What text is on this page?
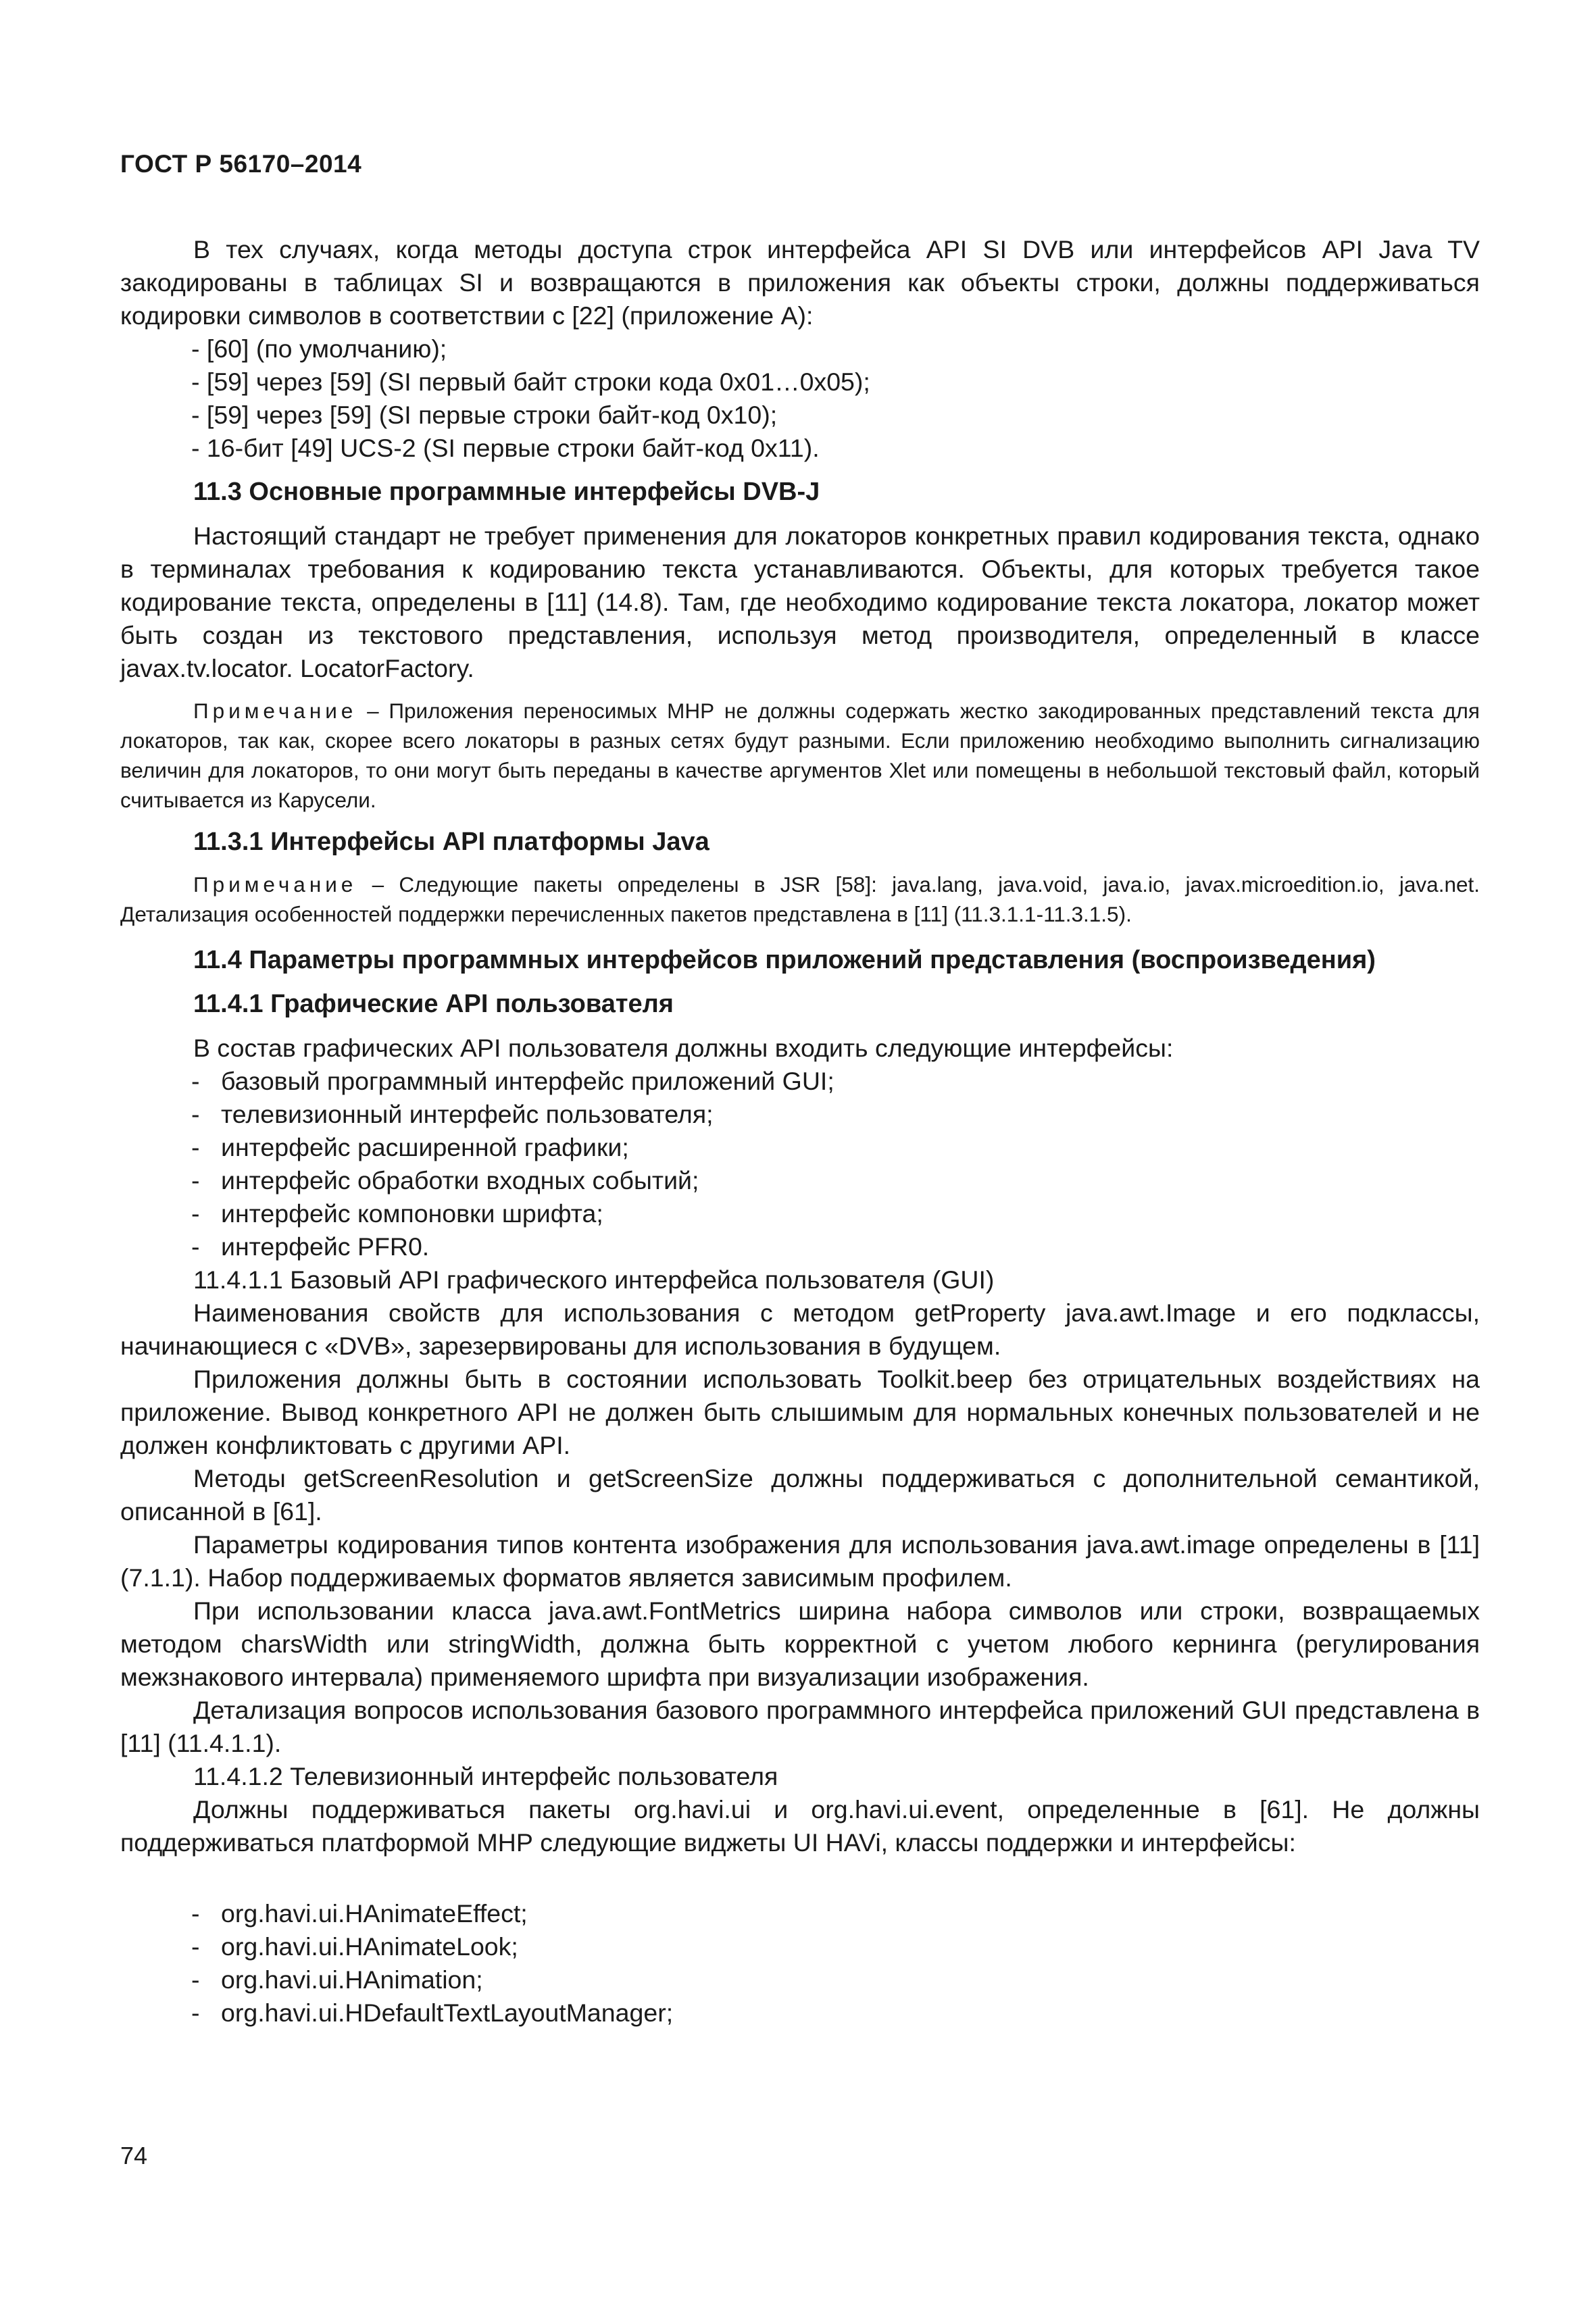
ГОСТ Р 56170–2014

В тех случаях, когда методы доступа строк интерфейса API SI DVB или интерфейсов API Java TV закодированы в таблицах SI и возвращаются в приложения как объекты строки, должны поддерживаться кодировки символов в соответствии с [22] (приложение А):

- [60] (по умолчанию);
- [59] через [59] (SI первый байт строки кода 0x01…0x05);
- [59] через [59] (SI первые строки байт-код 0x10);
- 16-бит [49] UCS-2 (SI первые строки байт-код 0x11).
11.3 Основные программные интерфейсы DVB-J

Настоящий стандарт не требует применения для локаторов конкретных правил кодирования текста, однако в терминалах требования к кодированию текста устанавливаются. Объекты, для которых требуется такое кодирование текста, определены в [11] (14.8). Там, где необходимо кодирование текста локатора, локатор может быть создан из текстового представления, используя метод производителя, определенный в классе javax.tv.locator. LocatorFactory.

Примечание – Приложения переносимых МНР не должны содержать жестко закодированных представлений текста для локаторов, так как, скорее всего локаторы в разных сетях будут разными. Если приложению необходимо выполнить сигнализацию величин для локаторов, то они могут быть переданы в качестве аргументов Xlet или помещены в небольшой текстовый файл, который считывается из Карусели.

11.3.1 Интерфейсы API платформы Java

Примечание – Следующие пакеты определены в JSR [58]: java.lang, java.void, java.io, javax.microedition.io, java.net. Детализация особенностей поддержки перечисленных пакетов представлена в [11] (11.3.1.1-11.3.1.5).

11.4 Параметры программных интерфейсов приложений представления (воспроизведения)
11.4.1 Графические API пользователя

В состав графических API пользователя должны входить следующие интерфейсы:

- базовый программный интерфейс приложений GUI;
- телевизионный интерфейс пользователя;
- интерфейс расширенной графики;
- интерфейс обработки входных событий;
- интерфейс компоновки шрифта;
- интерфейс PFR0.

11.4.1.1 Базовый API графического интерфейса пользователя (GUI)

Наименования свойств для использования с методом getProperty java.awt.Image и его подклассы, начинающиеся с «DVB», зарезервированы для использования в будущем.

Приложения должны быть в состоянии использовать Toolkit.beep без отрицательных воздействиях на приложение. Вывод конкретного API не должен быть слышимым для нормальных конечных пользователей и не должен конфликтовать с другими API.

Методы getScreenResolution и getScreenSize должны поддерживаться с дополнительной семантикой, описанной в [61].

Параметры кодирования типов контента изображения для использования java.awt.image определены в [11] (7.1.1). Набор поддерживаемых форматов является зависимым профилем.

При использовании класса java.awt.FontMetrics ширина набора символов или строки, возвращаемых методом charsWidth или stringWidth, должна быть корректной с учетом любого кернинга (регулирования межзнакового интервала) применяемого шрифта при визуализации изображения.

Детализация вопросов использования базового программного интерфейса приложений GUI представлена в [11] (11.4.1.1).

11.4.1.2 Телевизионный интерфейс пользователя

Должны поддерживаться пакеты org.havi.ui и org.havi.ui.event, определенные в [61]. Не должны поддерживаться платформой МНР следующие виджеты UI HAVi, классы поддержки и интерфейсы:

- org.havi.ui.HAnimateEffect;
- org.havi.ui.HAnimateLook;
- org.havi.ui.HAnimation;
- org.havi.ui.HDefaultTextLayoutManager;
74
